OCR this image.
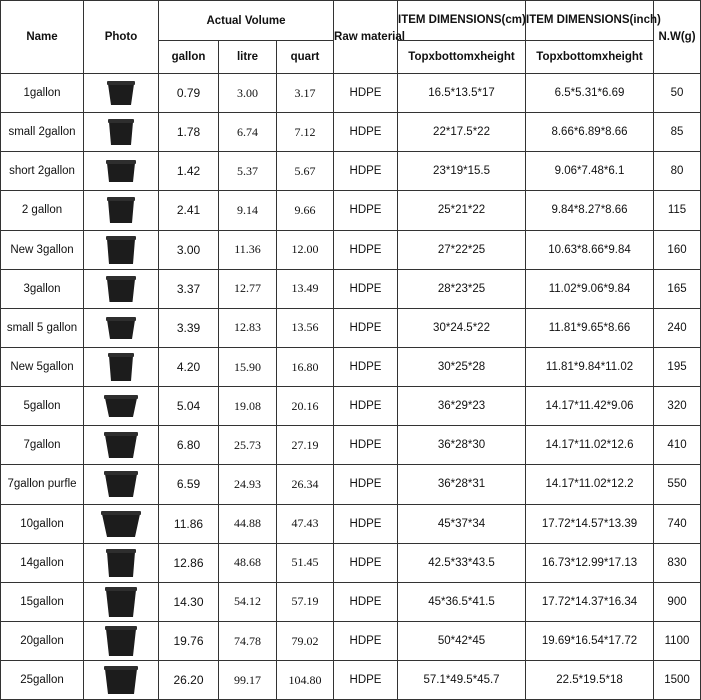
Name	Photo	Actual Volume			Raw material	ITEM DIMENSIONS(cm)	ITEM DIMENSIONS(inch)	N.W(g)
		gallon	litre	quart		Topxbottomxheight	Topxbottomxheight	
1gallon		0.79	3.00	3.17	HDPE	16.5*13.5*17	6.5*5.31*6.69	50
small 2gallon		1.78	6.74	7.12	HDPE	22*17.5*22	8.66*6.89*8.66	85
short 2gallon		1.42	5.37	5.67	HDPE	23*19*15.5	9.06*7.48*6.1	80
2 gallon		2.41	9.14	9.66	HDPE	25*21*22	9.84*8.27*8.66	115
New 3gallon		3.00	11.36	12.00	HDPE	27*22*25	10.63*8.66*9.84	160
3gallon		3.37	12.77	13.49	HDPE	28*23*25	11.02*9.06*9.84	165
small 5 gallon		3.39	12.83	13.56	HDPE	30*24.5*22	11.81*9.65*8.66	240
New 5gallon		4.20	15.90	16.80	HDPE	30*25*28	11.81*9.84*11.02	195
5gallon		5.04	19.08	20.16	HDPE	36*29*23	14.17*11.42*9.06	320
7gallon		6.80	25.73	27.19	HDPE	36*28*30	14.17*11.02*12.6	410
7gallon purfle		6.59	24.93	26.34	HDPE	36*28*31	14.17*11.02*12.2	550
10gallon		11.86	44.88	47.43	HDPE	45*37*34	17.72*14.57*13.39	740
14gallon		12.86	48.68	51.45	HDPE	42.5*33*43.5	16.73*12.99*17.13	830
15gallon		14.30	54.12	57.19	HDPE	45*36.5*41.5	17.72*14.37*16.34	900
20gallon		19.76	74.78	79.02	HDPE	50*42*45	19.69*16.54*17.72	1100
25gallon		26.20	99.17	104.80	HDPE	57.1*49.5*45.7	22.5*19.5*18	1500
